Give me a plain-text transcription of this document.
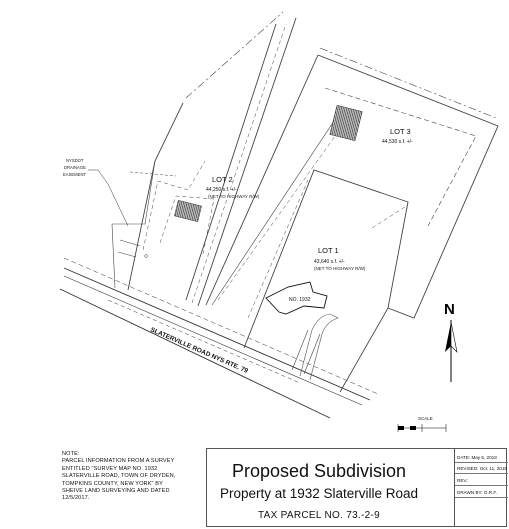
NO. 1932
NYSDOT
DRAINAGE
EASEMENT
LOT 2
44,250 s.f. +/-
(NET TO HIGHWAY R/W)
LOT 3
44,530 s.f. +/-
LOT 1
43,640 s.f. +/-
(NET TO HIGHWAY R/W)
SLATERVILLE ROAD NYS RTE. 79
N
SCALE
NOTE:
PARCEL INFORMATION FROM A SURVEY
ENTITLED "SURVEY MAP NO. 1932
SLATERVILLE ROAD, TOWN OF DRYDEN,
TOMPKINS COUNTY, NEW YORK" BY
SHEIVE LAND SURVEYING AND DATED
12/5/2017.
Proposed Subdivision
Property at 1932 Slaterville Road
TAX PARCEL NO. 73.-2-9
DATE: May 5, 2018
REVISED: Oct. 11, 2018
REV.:
DRAWN BY: G.R.F.
